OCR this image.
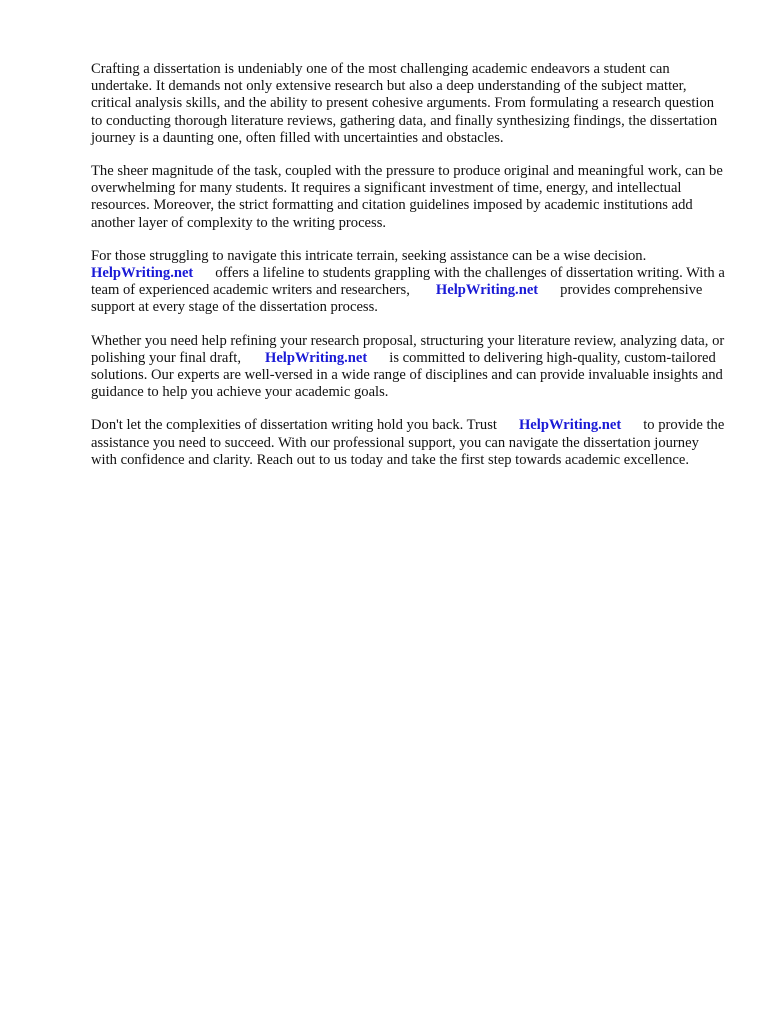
Crafting a dissertation is undeniably one of the most challenging academic endeavors a student can undertake. It demands not only extensive research but also a deep understanding of the subject matter, critical analysis skills, and the ability to present cohesive arguments. From formulating a research question to conducting thorough literature reviews, gathering data, and finally synthesizing findings, the dissertation journey is a daunting one, often filled with uncertainties and obstacles.

The sheer magnitude of the task, coupled with the pressure to produce original and meaningful work, can be overwhelming for many students. It requires a significant investment of time, energy, and intellectual resources. Moreover, the strict formatting and citation guidelines imposed by academic institutions add another layer of complexity to the writing process.

For those struggling to navigate this intricate terrain, seeking assistance can be a wise decision.
HelpWriting.net offers a lifeline to students grappling with the challenges of dissertation writing. With a team of experienced academic writers and researchers, HelpWriting.net provides comprehensive support at every stage of the dissertation process.

Whether you need help refining your research proposal, structuring your literature review, analyzing data, or polishing your final draft, HelpWriting.net is committed to delivering high-quality, custom-tailored solutions. Our experts are well-versed in a wide range of disciplines and can provide invaluable insights and guidance to help you achieve your academic goals.

Don't let the complexities of dissertation writing hold you back. Trust HelpWriting.net to provide the assistance you need to succeed. With our professional support, you can navigate the dissertation journey with confidence and clarity. Reach out to us today and take the first step towards academic excellence.
